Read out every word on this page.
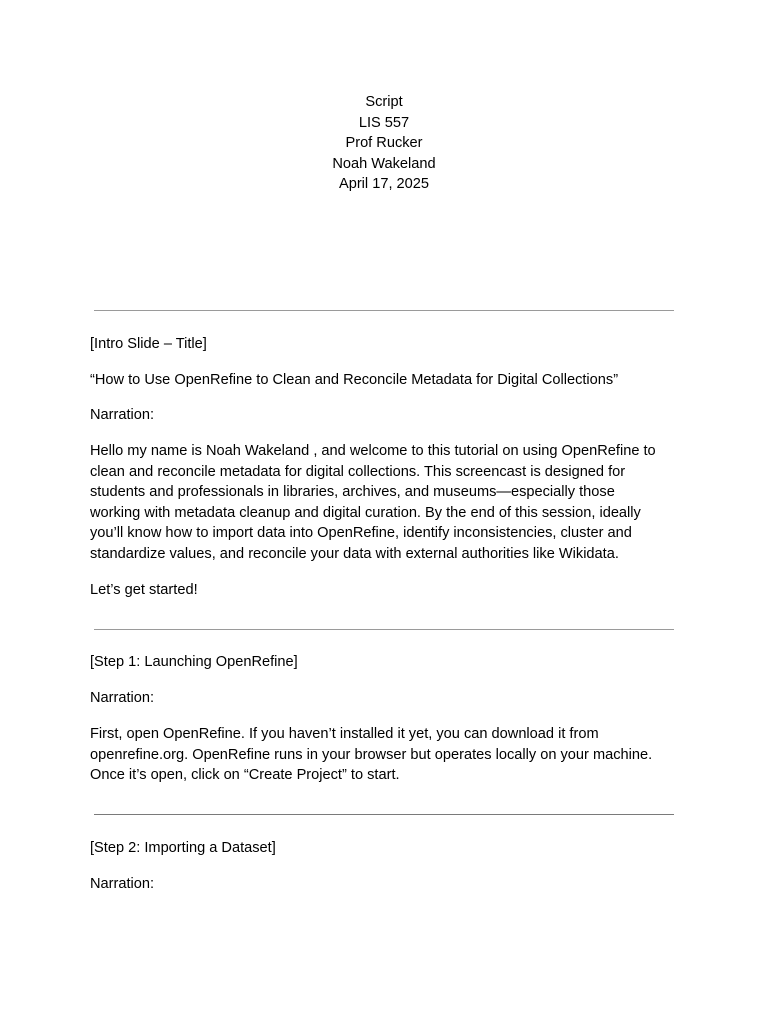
Script
LIS 557
Prof Rucker
Noah Wakeland
April 17, 2025

[Intro Slide – Title]

“How to Use OpenRefine to Clean and Reconcile Metadata for Digital Collections”

Narration:

Hello my name is Noah Wakeland , and welcome to this tutorial on using OpenRefine to
clean and reconcile metadata for digital collections. This screencast is designed for
students and professionals in libraries, archives, and museums—especially those
working with metadata cleanup and digital curation. By the end of this session, ideally
you’ll know how to import data into OpenRefine, identify inconsistencies, cluster and
standardize values, and reconcile your data with external authorities like Wikidata.

Let’s get started!

[Step 1: Launching OpenRefine]

Narration:

First, open OpenRefine. If you haven’t installed it yet, you can download it from
openrefine.org. OpenRefine runs in your browser but operates locally on your machine.
Once it’s open, click on “Create Project” to start.

[Step 2: Importing a Dataset]

Narration:
